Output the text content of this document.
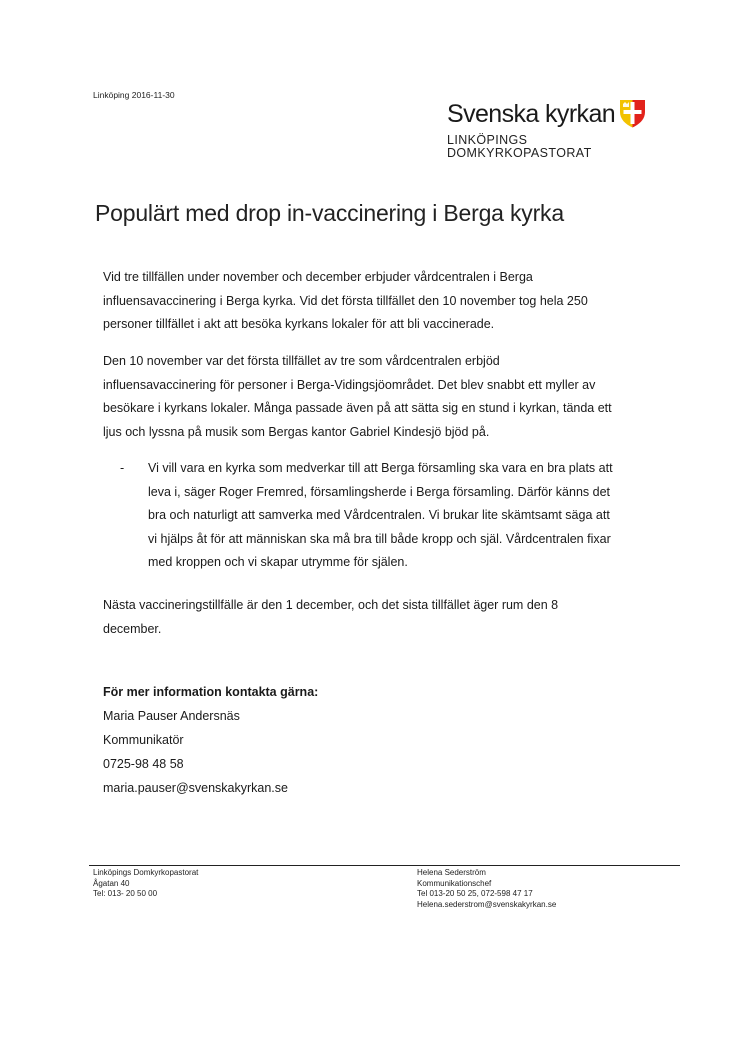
Linköping 2016-11-30
Svenska kyrkan
LINKÖPINGS
DOMKYRKOPASTORAT
Populärt med drop in-vaccinering i Berga kyrka
Vid tre tillfällen under november och december erbjuder vårdcentralen i Berga
influensavaccinering i Berga kyrka. Vid det första tillfället den 10 november tog hela 250
personer tillfället i akt att besöka kyrkans lokaler för att bli vaccinerade.
Den 10 november var det första tillfället av tre som vårdcentralen erbjöd
influensavaccinering för personer i Berga-Vidingsjöområdet. Det blev snabbt ett myller av
besökare i kyrkans lokaler. Många passade även på att sätta sig en stund i kyrkan, tända ett
ljus och lyssna på musik som Bergas kantor Gabriel Kindesjö bjöd på.
- Vi vill vara en kyrka som medverkar till att Berga församling ska vara en bra plats att
leva i, säger Roger Fremred, församlingsherde i Berga församling. Därför känns det
bra och naturligt att samverka med Vårdcentralen. Vi brukar lite skämtsamt säga att
vi hjälps åt för att människan ska må bra till både kropp och själ. Vårdcentralen fixar
med kroppen och vi skapar utrymme för själen.
Nästa vaccineringstillfälle är den 1 december, och det sista tillfället äger rum den 8
december.
För mer information kontakta gärna:
Maria Pauser Andersnäs
Kommunikatör
0725-98 48 58
maria.pauser@svenskakyrkan.se
Linköpings Domkyrkopastorat
Ågatan 40
Tel: 013- 20 50 00
Helena Sederström
Kommunikationschef
Tel 013-20 50 25, 072-598 47 17
Helena.sederstrom@svenskakyrkan.se
